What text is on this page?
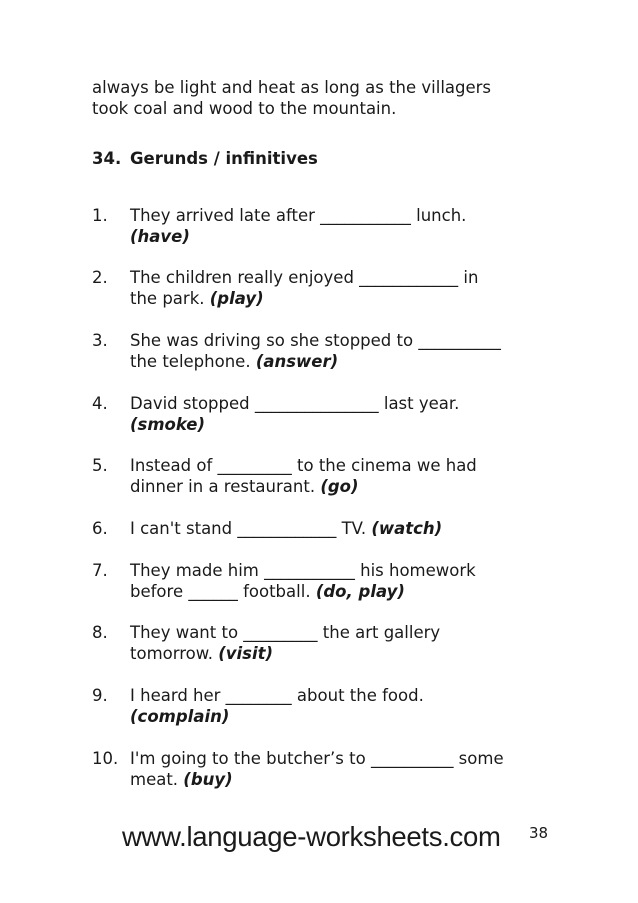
always be light and heat as long as the villagers

took coal and wood to the mountain.

34. Gerunds / infinitives
1.	They arrived late after ___________ lunch.
(have)
2.	The children really enjoyed ____________ in
the park. (play)
3.	She was driving so she stopped to __________
the telephone. (answer)
4.	David stopped _______________ last year.
(smoke)
5.	Instead of _________ to the cinema we had
dinner in a restaurant. (go)
6.	I can't stand ____________ TV. (watch)
7.	They made him ___________ his homework
before ______ football. (do, play)
8.	They want to _________ the art gallery
tomorrow. (visit)
9.	I heard her ________ about the food.
(complain)
10. I'm going to the butcher’s to __________ some
meat. (buy)
www.language-worksheets.com 38
